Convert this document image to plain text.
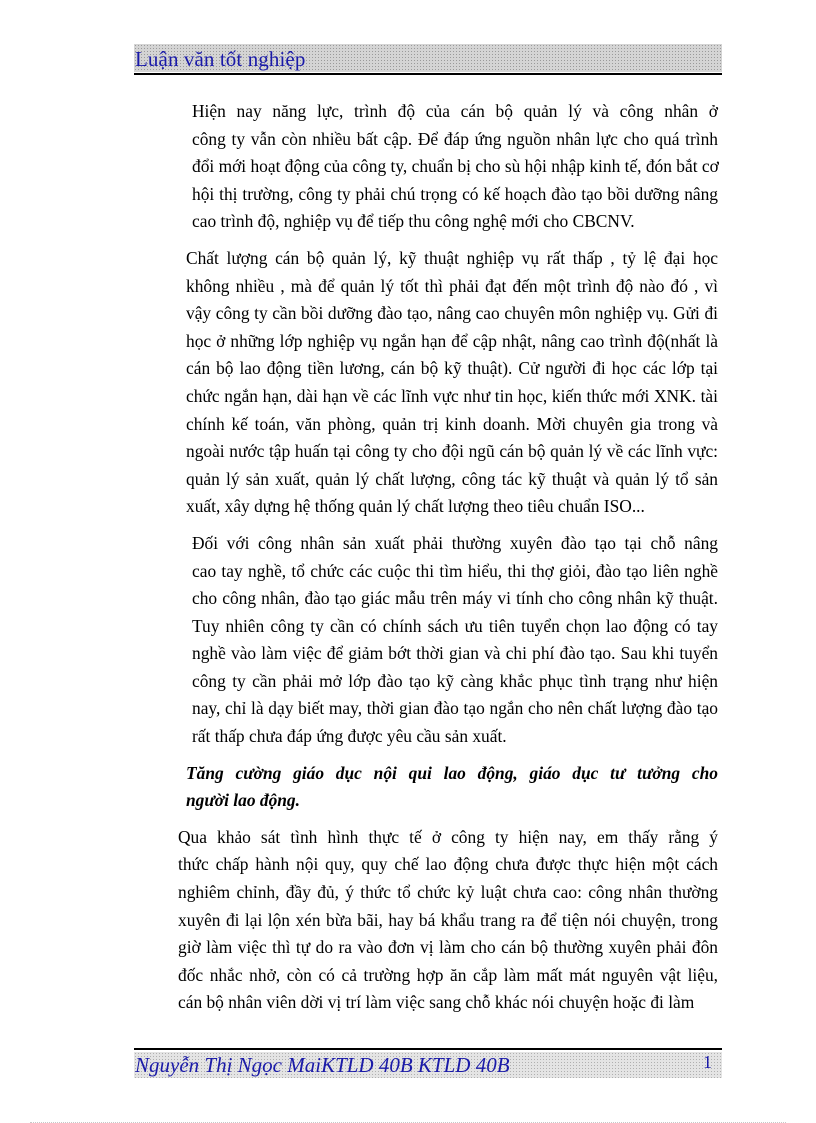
Luận văn tốt nghiệp

Hiện nay năng lực, trình độ của cán bộ quản lý và công nhân ở
công ty vẫn còn nhiều bất cập. Để đáp ứng nguồn nhân lực cho quá trình
đổi mới hoạt động của công ty, chuẩn bị cho sù hội nhập kinh tế, đón bắt cơ
hội thị trường, công ty phải chú trọng có kế hoạch đào tạo bồi dưỡng nâng
cao trình độ, nghiệp vụ để tiếp thu công nghệ mới cho CBCNV.

Chất lượng cán bộ quản lý, kỹ thuật nghiệp vụ rất thấp , tỷ lệ đại học
không nhiều , mà để quản lý tốt thì phải đạt đến một trình độ nào đó , vì
vậy công ty cần bồi dưỡng đào tạo, nâng cao chuyên môn nghiệp vụ. Gửi đi
học ở những lớp nghiệp vụ ngắn hạn để cập nhật, nâng cao trình độ(nhất là
cán bộ lao động tiền lương, cán bộ kỹ thuật). Cử người đi học các lớp tại
chức ngắn hạn, dài hạn về các lĩnh vực như tin học, kiến thức mới XNK. tài
chính kế toán, văn phòng, quản trị kinh doanh. Mời chuyên gia trong và
ngoài nước tập huấn tại công ty cho đội ngũ cán bộ quản lý về các lĩnh vực:
quản lý sản xuất, quản lý chất lượng, công tác kỹ thuật và quản lý tổ sản
xuất, xây dựng hệ thống quản lý chất lượng theo tiêu chuẩn ISO...

Đối với công nhân sản xuất phải thường xuyên đào tạo tại chỗ nâng
cao tay nghề, tổ chức các cuộc thi tìm hiểu, thi thợ giỏi, đào tạo liên nghề
cho công nhân, đào tạo giác mẫu trên máy vi tính cho công nhân kỹ thuật.
Tuy nhiên công ty cần có chính sách ưu tiên tuyển chọn lao động có tay
nghề vào làm việc để giảm bớt thời gian và chi phí đào tạo. Sau khi tuyển
công ty cần phải mở lớp đào tạo kỹ càng khắc phục tình trạng như hiện
nay, chỉ là dạy biết may, thời gian đào tạo ngắn cho nên chất lượng đào tạo
rất thấp chưa đáp ứng được yêu cầu sản xuất.

Tăng cường giáo dục nội qui lao động, giáo dục tư tưởng cho
người lao động.

Qua khảo sát tình hình thực tế ở công ty hiện nay, em thấy rằng ý
thức chấp hành nội quy, quy chế lao động chưa được thực hiện một cách
nghiêm chỉnh, đầy đủ, ý thức tổ chức kỷ luật chưa cao: công nhân thường
xuyên đi lại lộn xén bừa bãi, hay bá khẩu trang ra để tiện nói chuyện, trong
giờ làm việc thì tự do ra vào đơn vị làm cho cán bộ thường xuyên phải đôn
đốc nhắc nhở, còn có cả trường hợp ăn cắp làm mất mát nguyên vật liệu,
cán bộ nhân viên dời vị trí làm việc sang chỗ khác nói chuyện hoặc đi làm

Nguyễn Thị Ngọc MaiKTLD 40B KTLD 40B	1
